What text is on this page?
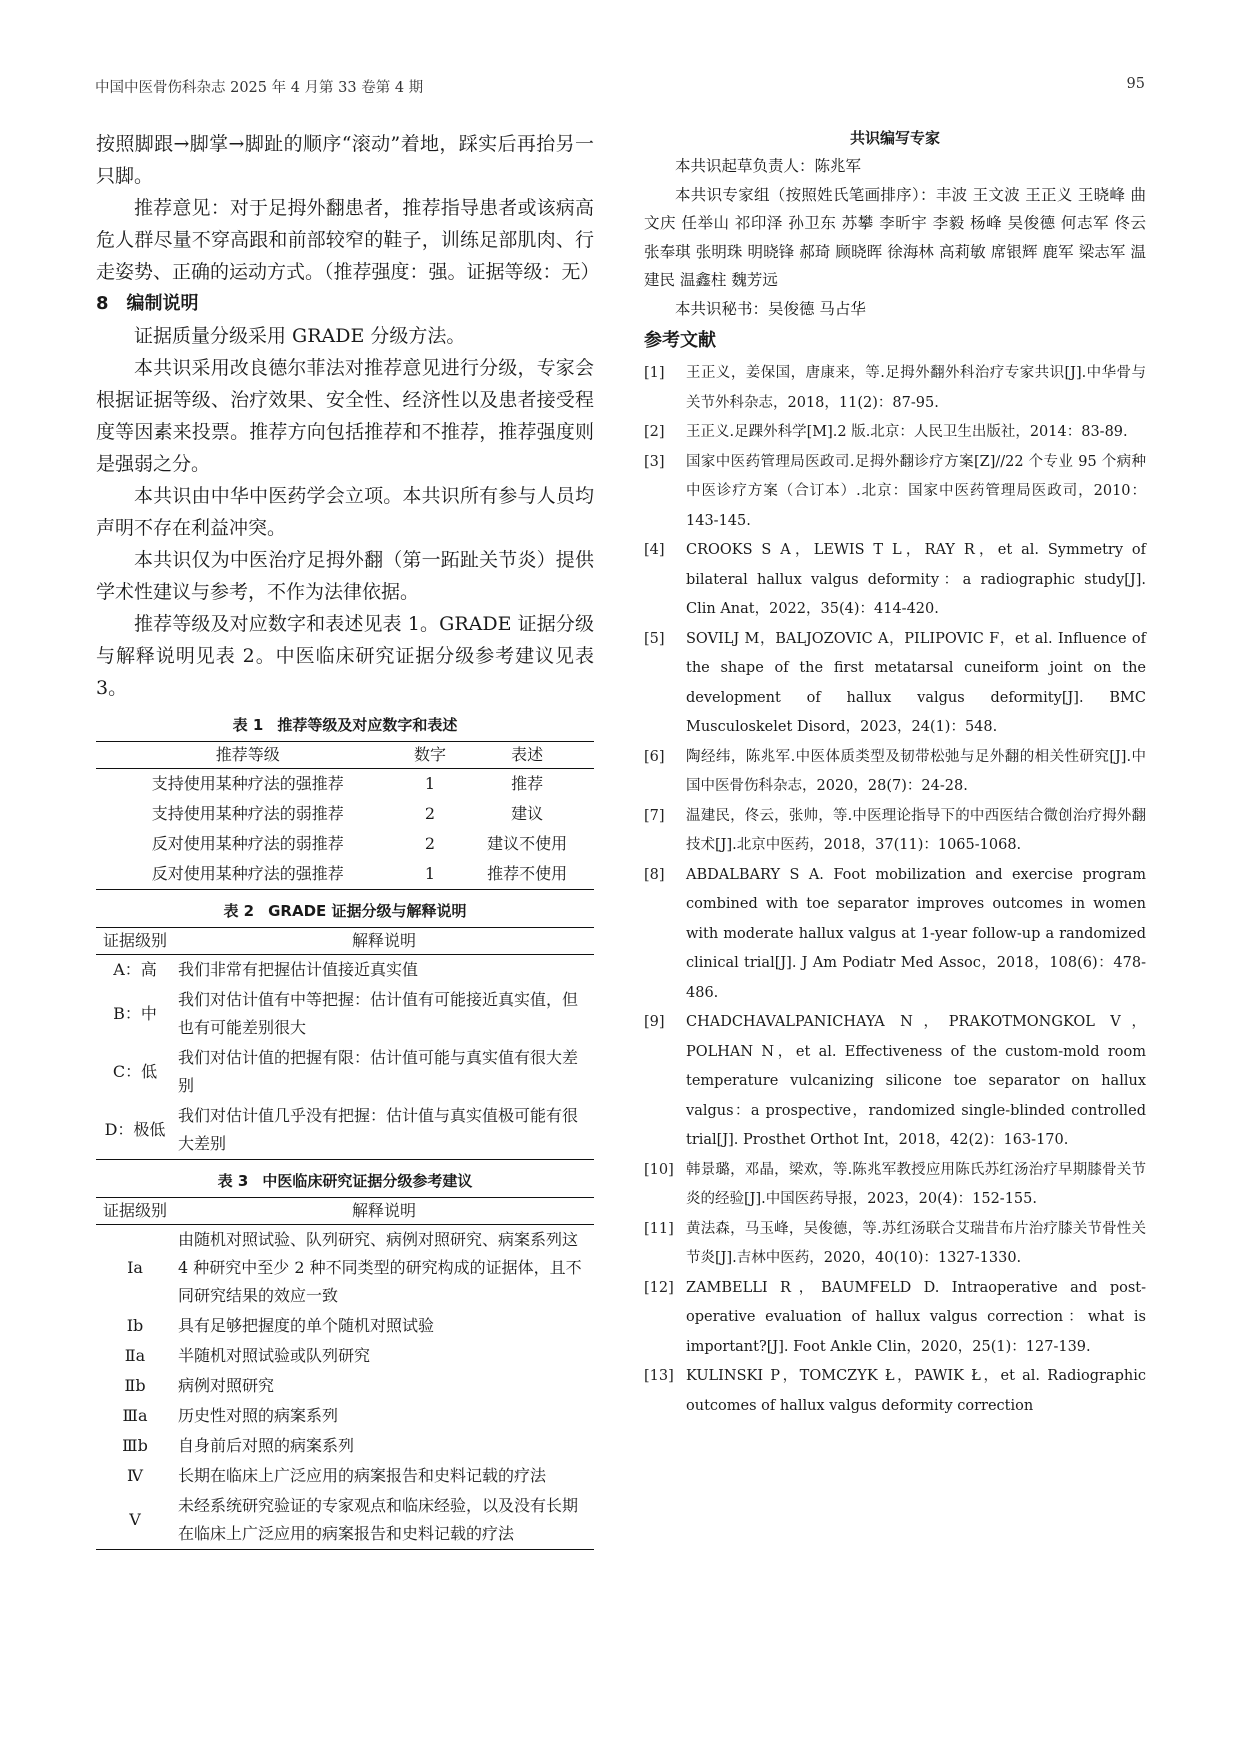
中国中医骨伤科杂志 2025 年 4 月第 33 卷第 4 期	95

按照脚跟→脚掌→脚趾的顺序“滚动”着地，踩实后再抬另一只脚。

推荐意见：对于足拇外翻患者，推荐指导患者或该病高危人群尽量不穿高跟和前部较窄的鞋子，训练足部肌肉、行走姿势、正确的运动方式。（推荐强度：强。证据等级：无）

8 编制说明

证据质量分级采用 GRADE 分级方法。

本共识采用改良德尔菲法对推荐意见进行分级，专家会根据证据等级、治疗效果、安全性、经济性以及患者接受程度等因素来投票。推荐方向包括推荐和不推荐，推荐强度则是强弱之分。

本共识由中华中医药学会立项。本共识所有参与人员均声明不存在利益冲突。

本共识仅为中医治疗足拇外翻（第一跖趾关节炎）提供学术性建议与参考，不作为法律依据。

推荐等级及对应数字和表述见表 1。GRADE 证据分级与解释说明见表 2。中医临床研究证据分级参考建议见表 3。

表 1 推荐等级及对应数字和表述
推荐等级	数字	表述
支持使用某种疗法的强推荐	1	推荐
支持使用某种疗法的弱推荐	2	建议
反对使用某种疗法的弱推荐	2	建议不使用
反对使用某种疗法的强推荐	1	推荐不使用
表 2 GRADE 证据分级与解释说明
证据级别	解释说明
A：高	我们非常有把握估计值接近真实值
B：中	我们对估计值有中等把握：估计值有可能接近真实值，但也有可能差别很大
C：低	我们对估计值的把握有限：估计值可能与真实值有很大差别
D：极低	我们对估计值几乎没有把握：估计值与真实值极可能有很大差别
表 3 中医临床研究证据分级参考建议
证据级别	解释说明
Ⅰa	由随机对照试验、队列研究、病例对照研究、病案系列这 4 种研究中至少 2 种不同类型的研究构成的证据体，且不同研究结果的效应一致
Ⅰb	具有足够把握度的单个随机对照试验
Ⅱa	半随机对照试验或队列研究
Ⅱb	病例对照研究
Ⅲa	历史性对照的病案系列
Ⅲb	自身前后对照的病案系列
Ⅳ	长期在临床上广泛应用的病案报告和史料记载的疗法
Ⅴ	未经系统研究验证的专家观点和临床经验，以及没有长期在临床上广泛应用的病案报告和史料记载的疗法
共识编写专家

本共识起草负责人：陈兆军

本共识专家组（按照姓氏笔画排序）：丰波 王文波 王正义 王晓峰 曲文庆 任举山 祁印泽 孙卫东 苏攀 李昕宇 李毅 杨峰 吴俊德 何志军 佟云 张奉琪 张明珠 明晓锋 郝琦 顾晓晖 徐海林 高莉敏 席银辉 鹿军 梁志军 温建民 温鑫柱 魏芳远

本共识秘书：吴俊德 马占华

参考文献
[1]	王正义，姜保国，唐康来，等.足拇外翻外科治疗专家共识[J].中华骨与关节外科杂志，2018，11(2)：87-95.
[2]	王正义.足踝外科学[M].2 版.北京：人民卫生出版社，2014：83-89.
[3]	国家中医药管理局医政司.足拇外翻诊疗方案[Z]//22 个专业 95 个病种中医诊疗方案（合订本）.北京：国家中医药管理局医政司，2010：143-145.
[4]	CROOKS S A，LEWIS T L，RAY R，et al. Symmetry of bilateral hallux valgus deformity：a radiographic study[J]. Clin Anat，2022，35(4)：414-420.
[5]	SOVILJ M，BALJOZOVIC A，PILIPOVIC F，et al. Influence of the shape of the first metatarsal cuneiform joint on the development of hallux valgus deformity[J]. BMC Musculoskelet Disord，2023，24(1)：548.
[6]	陶经纬，陈兆军.中医体质类型及韧带松弛与足外翻的相关性研究[J].中国中医骨伤科杂志，2020，28(7)：24-28.
[7]	温建民，佟云，张帅，等.中医理论指导下的中西医结合微创治疗拇外翻技术[J].北京中医药，2018，37(11)：1065-1068.
[8]	ABDALBARY S A. Foot mobilization and exercise program combined with toe separator improves outcomes in women with moderate hallux valgus at 1-year follow-up a randomized clinical trial[J]. J Am Podiatr Med Assoc，2018，108(6)：478-486.
[9]	CHADCHAVALPANICHAYA N，PRAKOTMONGKOL V，POLHAN N，et al. Effectiveness of the custom-mold room temperature vulcanizing silicone toe separator on hallux valgus：a prospective，randomized single-blinded controlled trial[J]. Prosthet Orthot Int，2018，42(2)：163-170.
[10] 韩景璐，邓晶，梁欢，等.陈兆军教授应用陈氏苏红汤治疗早期膝骨关节炎的经验[J].中国医药导报，2023，20(4)：152-155.
[11] 黄法森，马玉峰，吴俊德，等.苏红汤联合艾瑞昔布片治疗膝关节骨性关节炎[J].吉林中医药，2020，40(10)：1327-1330.
[12] ZAMBELLI R，BAUMFELD D. Intraoperative and post-operative evaluation of hallux valgus correction：what is important?[J]. Foot Ankle Clin，2020，25(1)：127-139.
[13] KULINSKI P，TOMCZYK Ł，PAWIK Ł，et al. Radiographic outcomes of hallux valgus deformity correction
